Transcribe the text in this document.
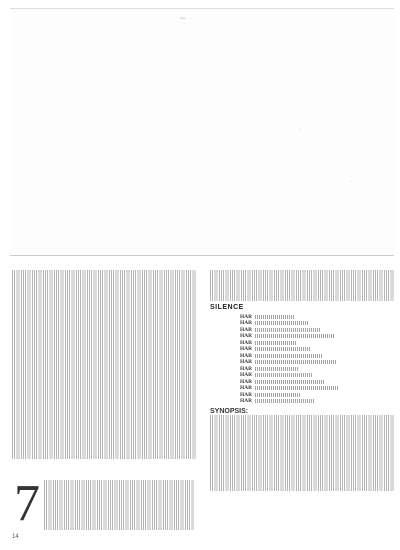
⁓ ·
·
·
7
SILENCE
HAR
HAR
HAR
HAR
HAR
HAR
HAR
HAR
HAR
HAR
HAR
HAR
HAR
HAR
SYNOPSIS:
14
